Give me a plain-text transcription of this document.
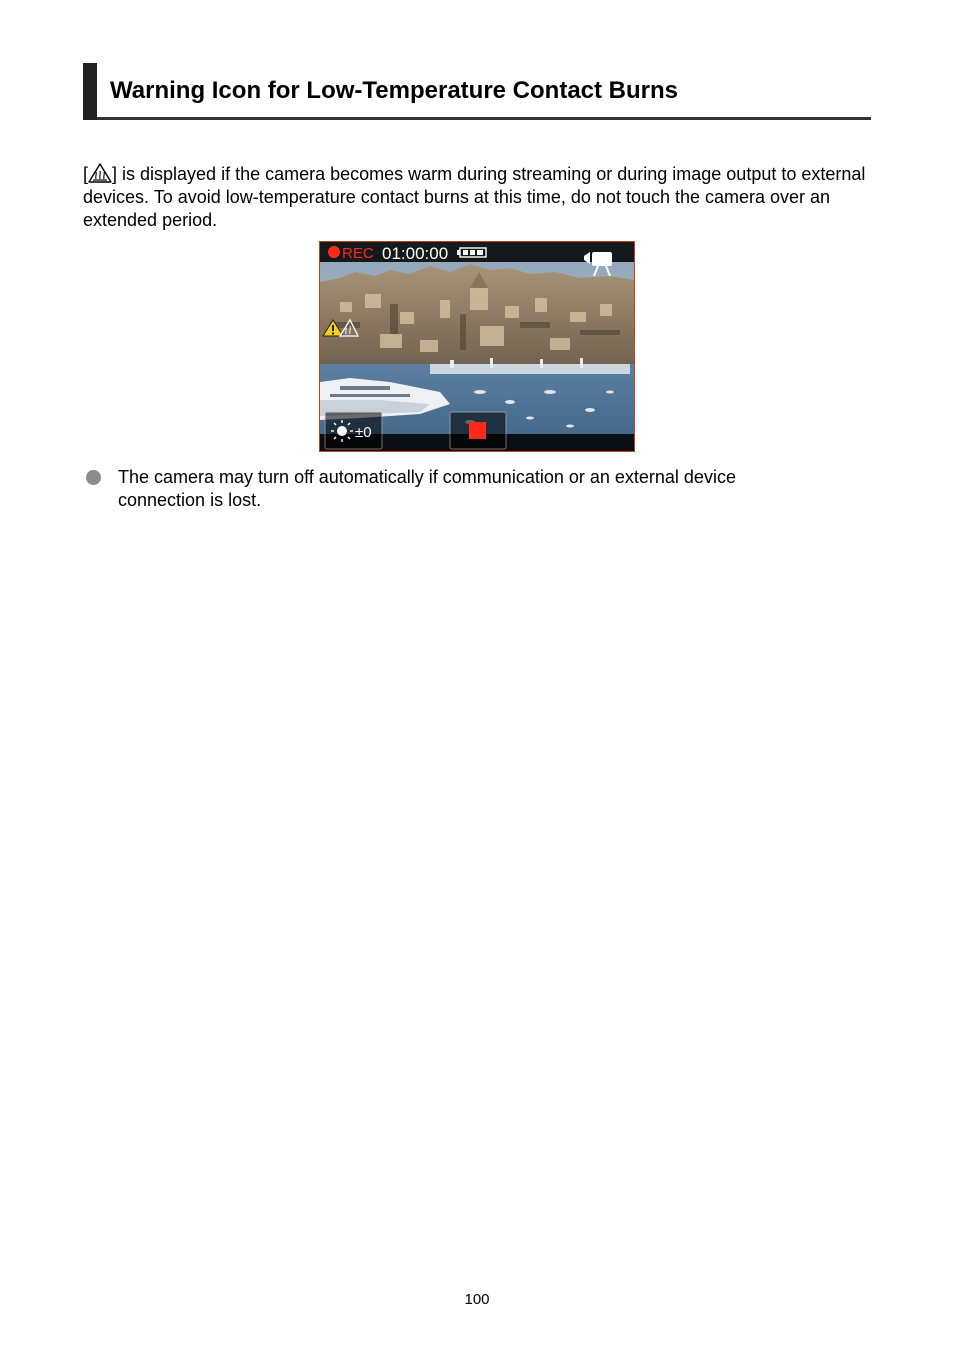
Warning Icon for Low-Temperature Contact Burns

[ ] is displayed if the camera becomes warm during streaming or during image output to external devices. To avoid low-temperature contact burns at this time, do not touch the camera over an extended period.

REC 01:00:00
±0
The camera may turn off automatically if communication or an external device connection is lost.
100
